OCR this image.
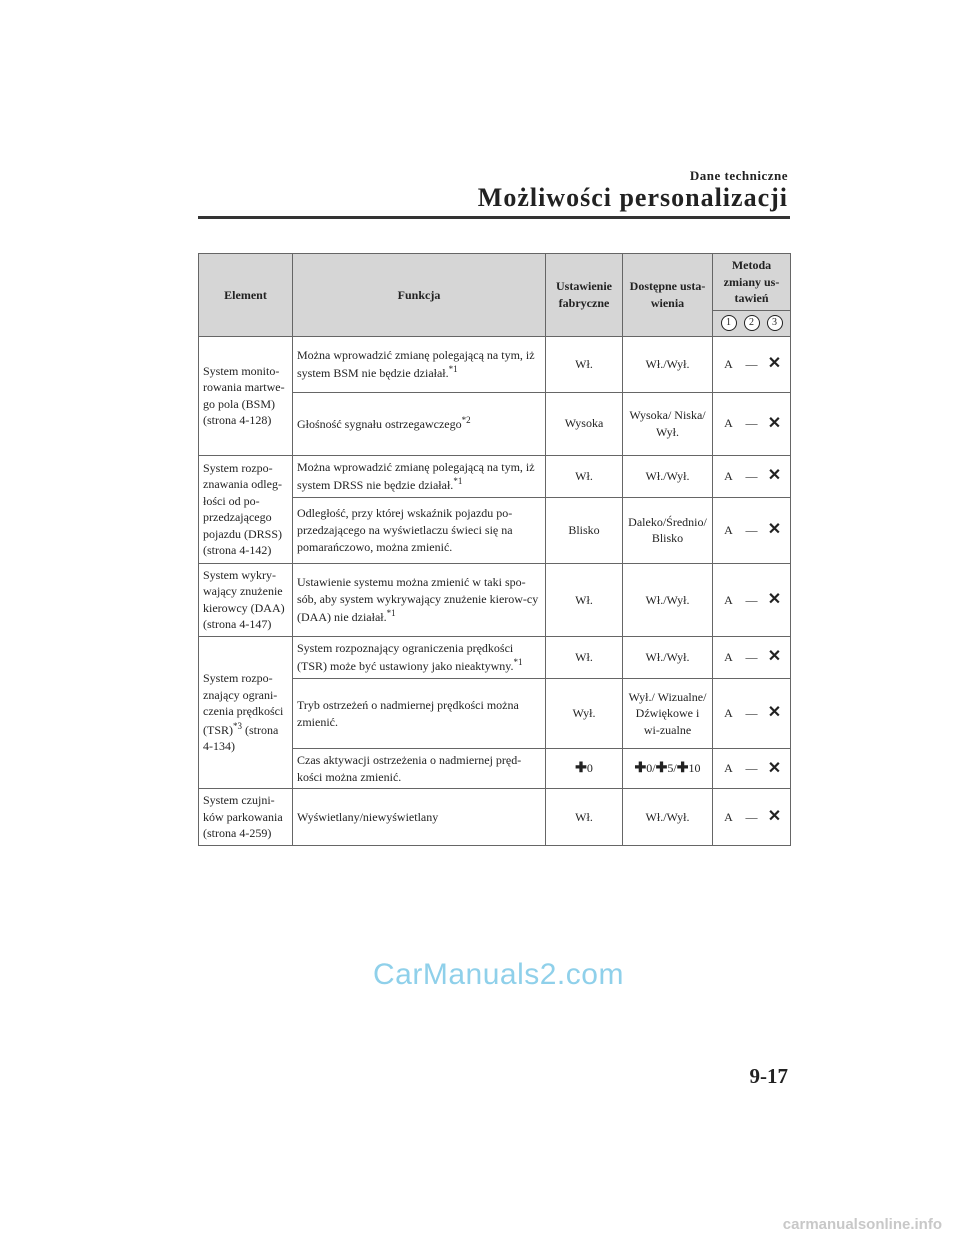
Dane techniczne
Możliwości personalizacji
Element	Funkcja	Ustawienie fabryczne	Dostępne usta-wienia	Metoda zmiany us-tawień

				1 2 3

System monito-rowania martwe-go pola (BSM) (strona 4-128)	Można wprowadzić zmianę polegającą na tym, iż system BSM nie będzie działał.$^{*1}$	Wł.	Wł./Wył.	A — ✕

	Głośność sygnału ostrzegawczego$^{*2}$	Wysoka	Wysoka/ Niska/ Wył.	A — ✕

System rozpo-znawania odleg-łości od po-przedzającego pojazdu (DRSS) (strona 4-142)	Można wprowadzić zmianę polegającą na tym, iż system DRSS nie będzie działał.$^{*1}$	Wł.	Wł./Wył.	A — ✕

	Odległość, przy której wskaźnik pojazdu po-przedzającego na wyświetlaczu świeci się na pomarańczowo, można zmienić.	Blisko	Daleko/Średnio/ Blisko	A — ✕

System wykry-wający znużenie kierowcy (DAA) (strona 4-147)	Ustawienie systemu można zmienić w taki spo-sób, aby system wykrywający znużenie kierow-cy (DAA) nie działał.$^{*1}$	Wł.	Wł./Wył.	A — ✕

System rozpo-znający ograni-czenia prędkości (TSR)$^{*3}$ (strona 4-134)	System rozpoznający ograniczenia prędkości (TSR) może być ustawiony jako nieaktywny.$^{*1}$	Wł.	Wł./Wył.	A — ✕

	Tryb ostrzeżeń o nadmiernej prędkości można zmienić.	Wył.	Wył./ Wizualne/ Dźwiękowe i wi-zualne	A — ✕

	Czas aktywacji ostrzeżenia o nadmiernej pręd-kości można zmienić.	✚0	✚0/✚5/✚10	A — ✕

System czujni-ków parkowania (strona 4-259)	Wyświetlany/niewyświetlany	Wł.	Wł./Wył.	A — ✕
CarManuals2.com
9-17
carmanualsonline.info
